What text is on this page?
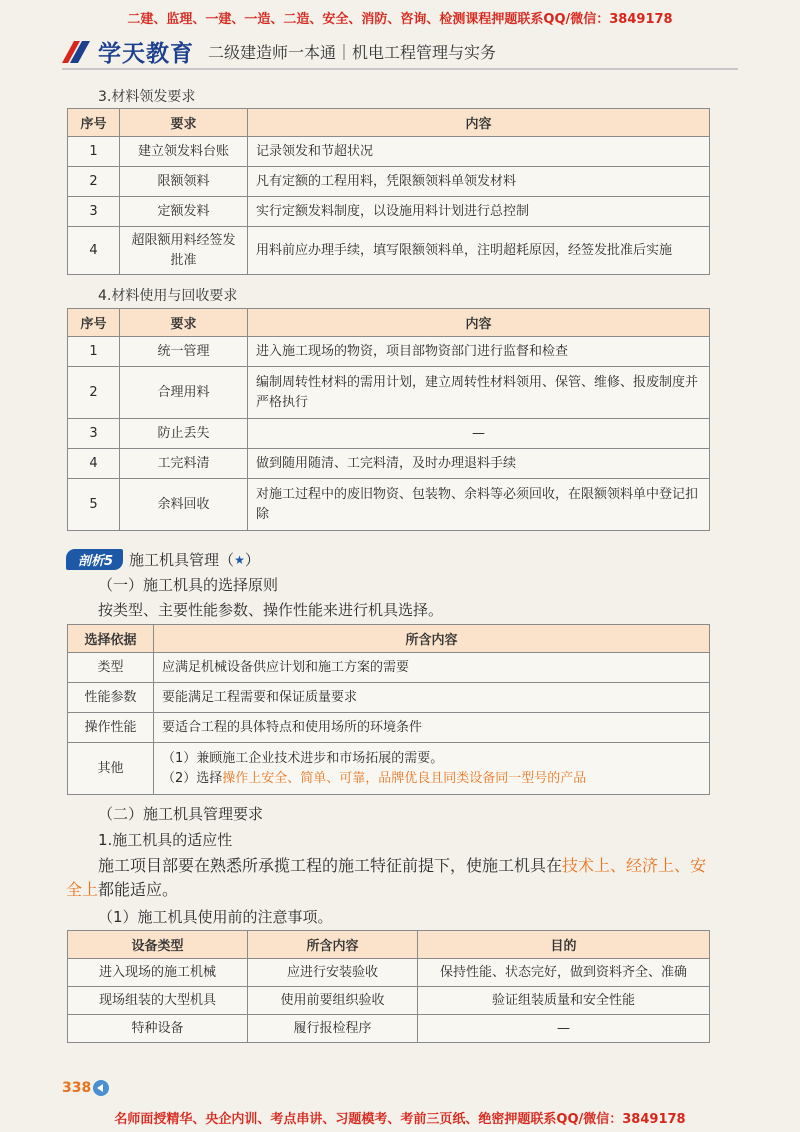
二建、监理、一建、一造、二造、安全、消防、咨询、检测课程押题联系QQ/微信：3849178
学天教育 二级建造师一本通｜机电工程管理与实务
3.材料领发要求
序号	要求	内容
1	建立领发料台账	记录领发和节超状况
2	限额领料	凡有定额的工程用料，凭限额领料单领发材料
3	定额发料	实行定额发料制度，以设施用料计划进行总控制
4	超限额用料经签发批准	用料前应办理手续，填写限额领料单，注明超耗原因，经签发批准后实施
4.材料使用与回收要求
序号	要求	内容
1	统一管理	进入施工现场的物资，项目部物资部门进行监督和检查
2	合理用料	编制周转性材料的需用计划，建立周转性材料领用、保管、维修、报废制度并严格执行
3	防止丢失	—
4	工完料清	做到随用随清、工完料清，及时办理退料手续
5	余料回收	对施工过程中的废旧物资、包装物、余料等必须回收，在限额领料单中登记扣除
剖析5	施工机具管理（ ★ ）
（一）施工机具的选择原则
按类型、主要性能参数、操作性能来进行机具选择。
选择依据	所含内容
类型	应满足机械设备供应计划和施工方案的需要
性能参数	要能满足工程需要和保证质量要求
操作性能	要适合工程的具体特点和使用场所的环境条件
其他	（1）兼顾施工企业技术进步和市场拓展的需要。
（2）选择操作上安全、简单、可靠，品牌优良且同类设备同一型号的产品
（二）施工机具管理要求
1.施工机具的适应性
施工项目部要在熟悉所承揽工程的施工特征前提下，使施工机具在技术上、经济上、安
全上都能适应。
（1）施工机具使用前的注意事项。
设备类型	所含内容	目的
进入现场的施工机械	应进行安装验收	保持性能、状态完好，做到资料齐全、准确
现场组装的大型机具	使用前要组织验收	验证组装质量和安全性能
特种设备	履行报检程序	—
338
名师面授精华、央企内训、考点串讲、习题模考、考前三页纸、绝密押题联系QQ/微信：3849178
